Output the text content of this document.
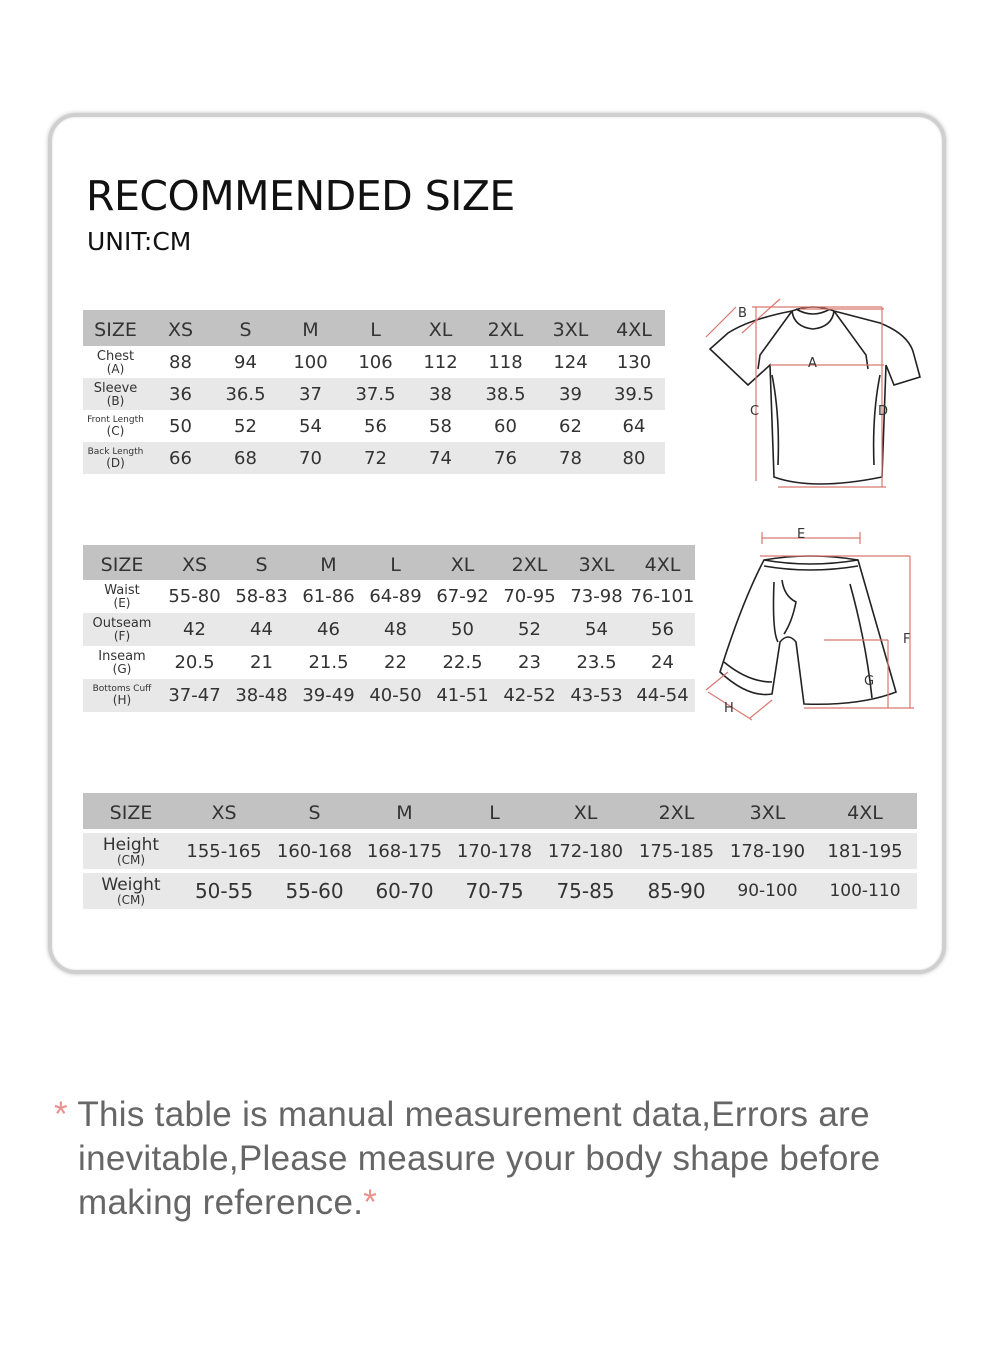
RECOMMENDED SIZE
UNIT:CM
SIZE	XS	S	M	L	XL	2XL	3XL	4XL

Chest
(A)	88	94	100	106	112	118	124	130

Sleeve
(B)	36	36.5	37	37.5	38	38.5	39	39.5

Front Length
(C)	50	52	54	56	58	60	62	64

Back Length
(D)	66	68	70	72	74	76	78	80
B
A
C	D
SIZE	XS	S	M	L	XL	2XL	3XL	4XL

Waist
(E)	55-80	58-83	61-86	64-89	67-92	70-95	73-98	76-101

Outseam
(F)	42	44	46	48	50	52	54	56

Inseam
(G)	20.5	21	21.5	22	22.5	23	23.5	24

Bottoms Cuff
(H)	37-47	38-48	39-49	40-50	41-51	42-52	43-53	44-54
E
F
G
H
SIZE	XS	S	M	L	XL	2XL	3XL	4XL

Height
(CM)	155-165	160-168	168-175	170-178	172-180	175-185	178-190	181-195

Weight
(CM)	50-55	55-60	60-70	70-75	75-85	85-90	90-100	100-110
* This table is manual measurement data,Errors are
inevitable,Please measure your body shape before
making reference.*
